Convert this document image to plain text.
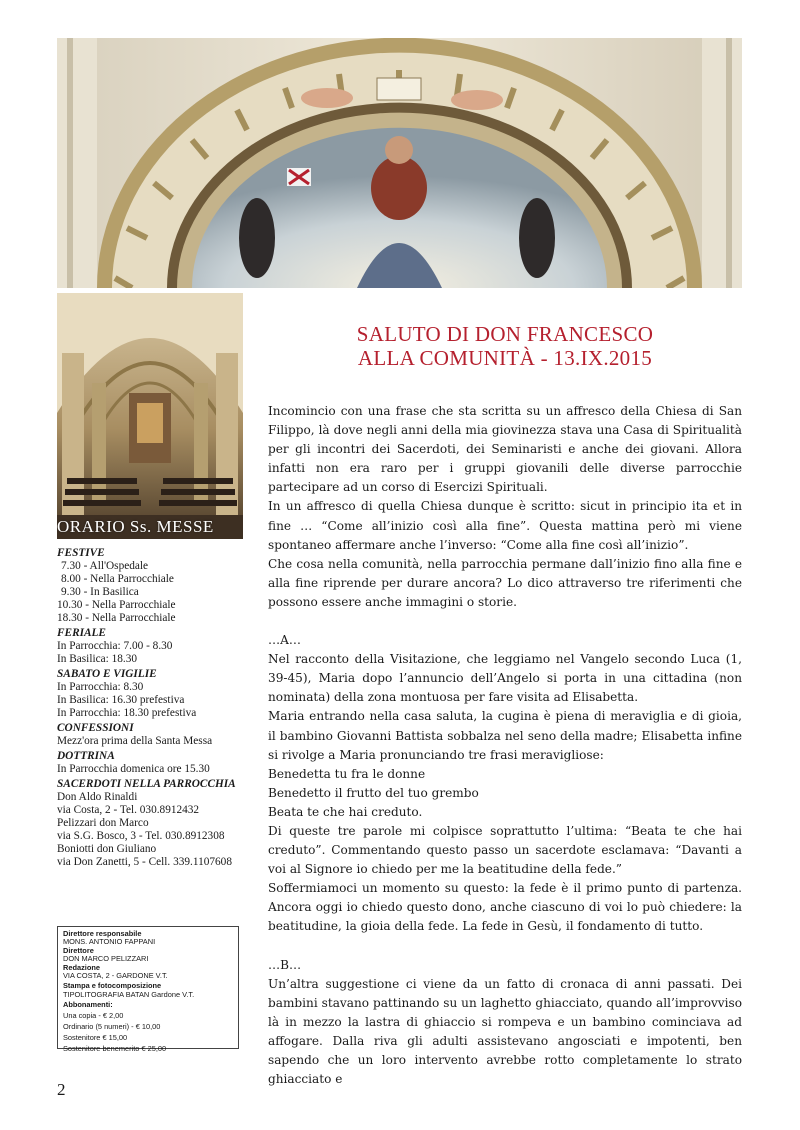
ORARIO Ss. MESSE
FESTIVE
7.30 - All'Ospedale
8.00 - Nella Parrocchiale
9.30 - In Basilica
10.30 - Nella Parrocchiale
18.30 - Nella Parrocchiale
FERIALE
In Parrocchia: 7.00 - 8.30
In Basilica: 18.30
SABATO E VIGILIE
In Parrocchia: 8.30
In Basilica: 16.30 prefestiva
In Parrocchia: 18.30 prefestiva
CONFESSIONI
Mezz'ora prima della Santa Messa
DOTTRINA
In Parrocchia domenica ore 15.30
SACERDOTI NELLA PARROCCHIA
Don Aldo Rinaldi
via Costa, 2 - Tel. 030.8912432
Pelizzari don Marco
via S.G. Bosco, 3 - Tel. 030.8912308
Boniotti don Giuliano
via Don Zanetti, 5 - Cell. 339.1107608
Direttore responsabile
MONS. ANTONIO FAPPANI
Direttore
DON MARCO PELIZZARI
Redazione
VIA COSTA, 2 - GARDONE V.T.
Stampa e fotocomposizione
TIPOLITOGRAFIA BATAN Gardone V.T.
Abbonamenti:
Una copia - € 2,00
Ordinario (5 numeri) - € 10,00
Sostenitore € 15,00
Sostenitore benemerito € 25,00
2
SALUTO DI DON FRANCESCO
ALLA COMUNITÀ - 13.IX.2015

Incomincio con una frase che sta scritta su un affresco della Chiesa di San Filippo, là dove negli anni della mia giovinezza stava una Casa di Spiritualità per gli incontri dei Sacerdoti, dei Seminaristi e anche dei giovani. Allora infatti non era raro per i gruppi giovanili delle diverse parrocchie partecipare ad un corso di Esercizi Spirituali.

In un affresco di quella Chiesa dunque è scritto: sicut in principio ita et in fine … “Come all’inizio così alla fine”. Questa mattina però mi viene spontaneo affermare anche l’inverso: “Come alla fine così all’inizio”.

Che cosa nella comunità, nella parrocchia permane dall’inizio fino alla fine e alla fine riprende per durare ancora? Lo dico attraverso tre riferimenti che possono essere anche immagini o storie.

…A…

Nel racconto della Visitazione, che leggiamo nel Vangelo secondo Luca (1, 39-45), Maria dopo l’annuncio dell’Angelo si porta in una cittadina (non nominata) della zona montuosa per fare visita ad Elisabetta.

Maria entrando nella casa saluta, la cugina è piena di meraviglia e di gioia, il bambino Giovanni Battista sobbalza nel seno della madre; Elisabetta infine si rivolge a Maria pronunciando tre frasi meravigliose:

Benedetta tu fra le donne

Benedetto il frutto del tuo grembo

Beata te che hai creduto.

Di queste tre parole mi colpisce soprattutto l’ultima: “Beata te che hai creduto”. Commentando questo passo un sacerdote esclamava: “Davanti a voi al Signore io chiedo per me la beatitudine della fede.”

Soffermiamoci un momento su questo: la fede è il primo punto di partenza. Ancora oggi io chiedo questo dono, anche ciascuno di voi lo può chiedere: la beatitudine, la gioia della fede. La fede in Gesù, il fondamento di tutto.

…B…

Un’altra suggestione ci viene da un fatto di cronaca di anni passati. Dei bambini stavano pattinando su un laghetto ghiacciato, quando all’improvviso là in mezzo la lastra di ghiaccio si rompeva e un bambino cominciava ad affogare. Dalla riva gli adulti assistevano angosciati e impotenti, ben sapendo che un loro intervento avrebbe rotto completamente lo strato ghiacciato e
